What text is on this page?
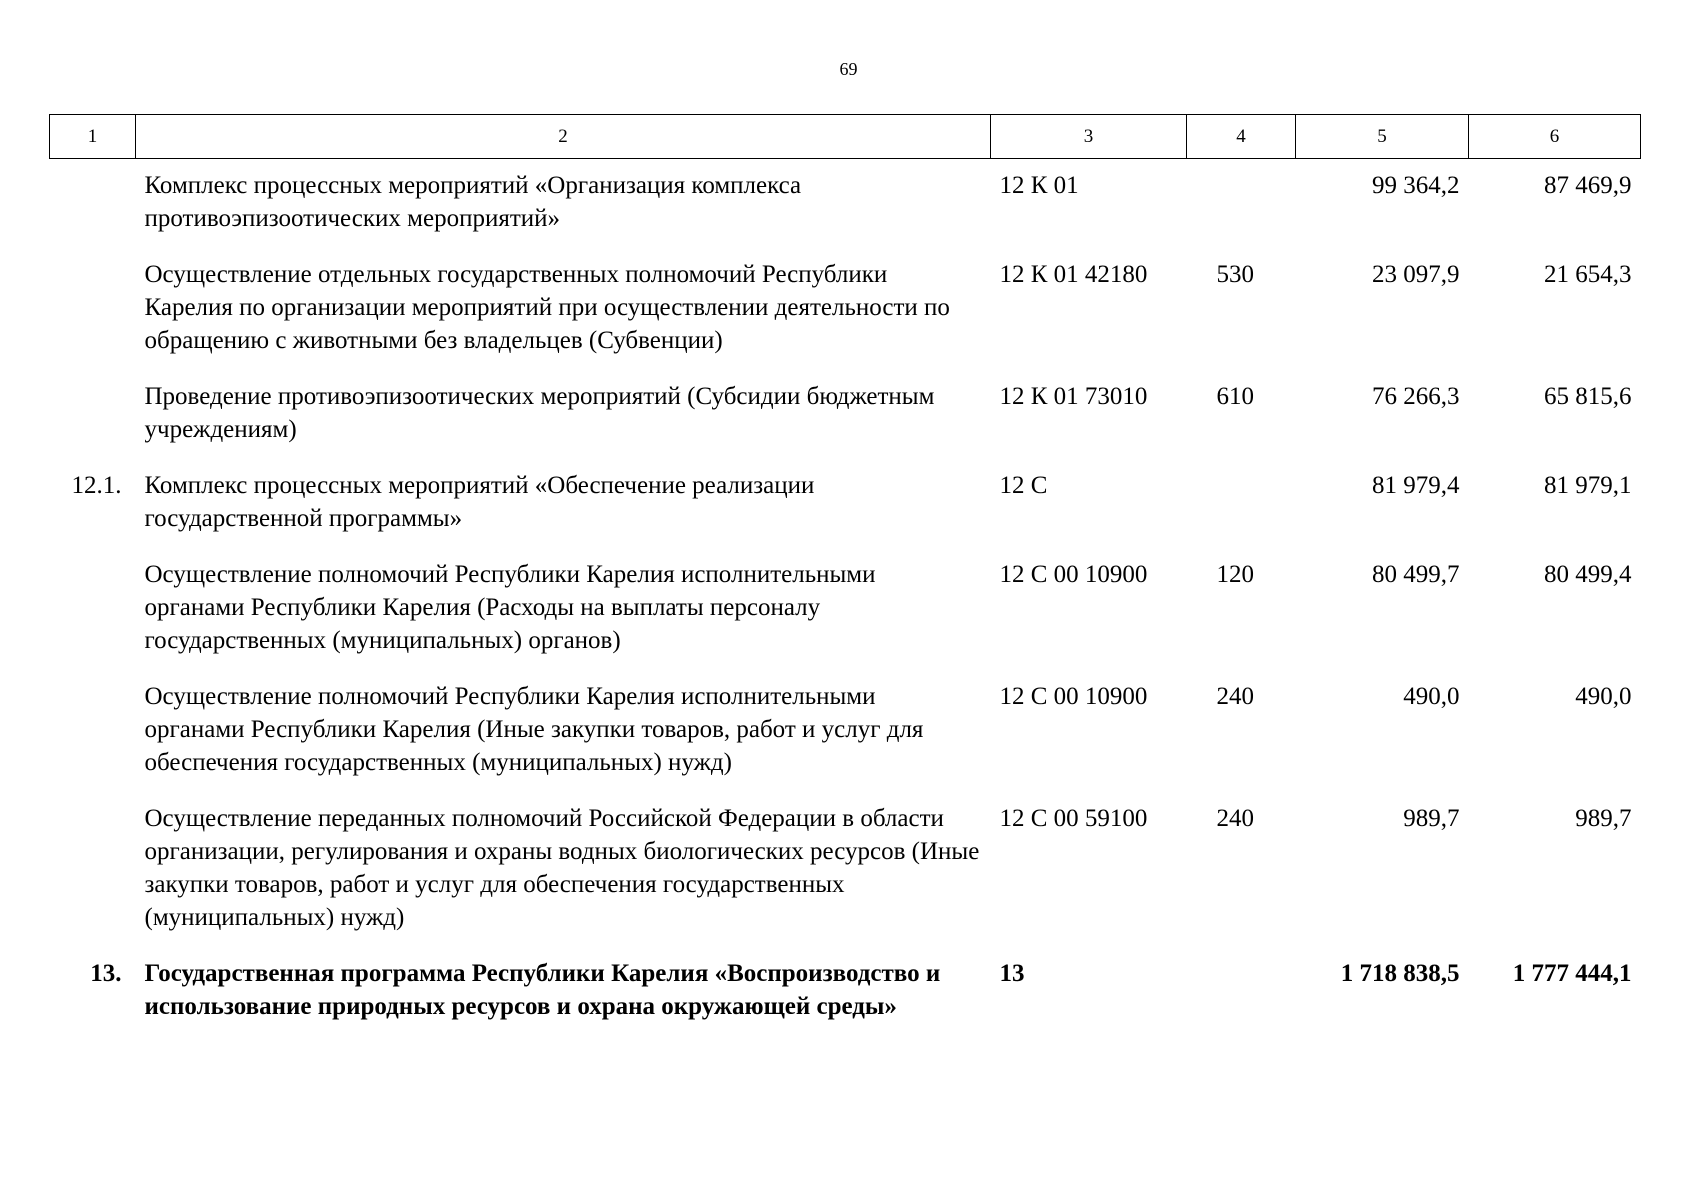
69
1	2	3	4	5	6
	Комплекс процессных мероприятий «Организация комплекса противоэпизоотических мероприятий»	12 К 01		99 364,2	87 469,9
	Осуществление отдельных государственных полномочий Республики Карелия по организации мероприятий при осуществлении деятельности по обращению с животными без владельцев (Субвенции)	12 К 01 42180	530	23 097,9	21 654,3
	Проведение противоэпизоотических мероприятий (Субсидии бюджетным учреждениям)	12 К 01 73010	610	76 266,3	65 815,6
12.1.	Комплекс процессных мероприятий «Обеспечение реализации государственной программы»	12 С		81 979,4	81 979,1
	Осуществление полномочий Республики Карелия исполнительными органами Республики Карелия (Расходы на выплаты персоналу государственных (муниципальных) органов)	12 С 00 10900	120	80 499,7	80 499,4
	Осуществление полномочий Республики Карелия исполнительными органами Республики Карелия (Иные закупки товаров, работ и услуг для обеспечения государственных (муниципальных) нужд)	12 С 00 10900	240	490,0	490,0
	Осуществление переданных полномочий Российской Федерации в области организации, регулирования и охраны водных биологических ресурсов (Иные закупки товаров, работ и услуг для обеспечения государственных (муниципальных) нужд)	12 С 00 59100	240	989,7	989,7
13.	Государственная программа Республики Карелия «Воспроизводство и использование природных ресурсов и охрана окружающей среды»	13		1 718 838,5	1 777 444,1
